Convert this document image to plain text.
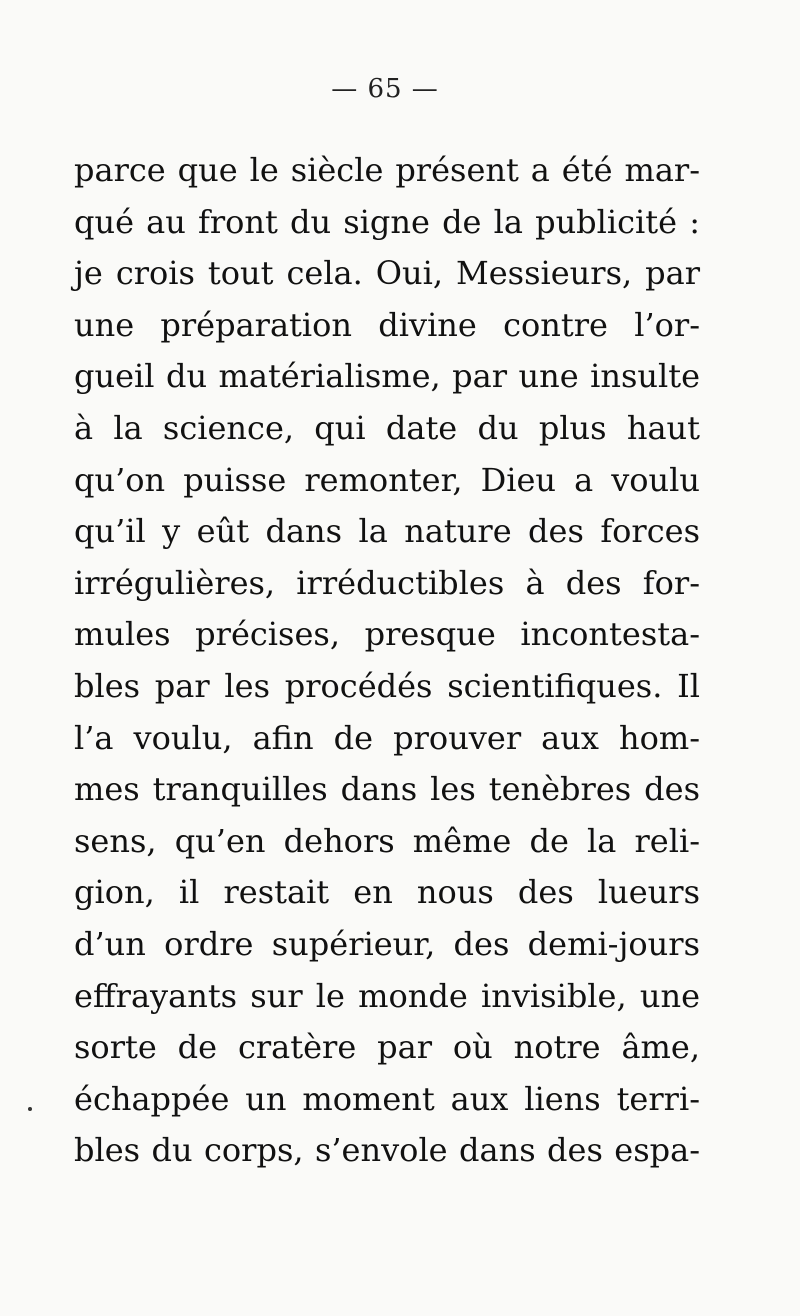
— 65 —
parce que le siècle présent a été mar-
qué au front du signe de la publicité :
je crois tout cela. Oui, Messieurs, par
une préparation divine contre l’or-
gueil du matérialisme, par une insulte
à la science, qui date du plus haut
qu’on puisse remonter, Dieu a voulu
qu’il y eût dans la nature des forces
irrégulières, irréductibles à des for-
mules précises, presque incontesta-
bles par les procédés scientifiques. Il
l’a voulu, afin de prouver aux hom-
mes tranquilles dans les tenèbres des
sens, qu’en dehors même de la reli-
gion, il restait en nous des lueurs
d’un ordre supérieur, des demi-jours
effrayants sur le monde invisible, une
sorte de cratère par où notre âme,
échappée un moment aux liens terri-
bles du corps, s’envole dans des espa-
